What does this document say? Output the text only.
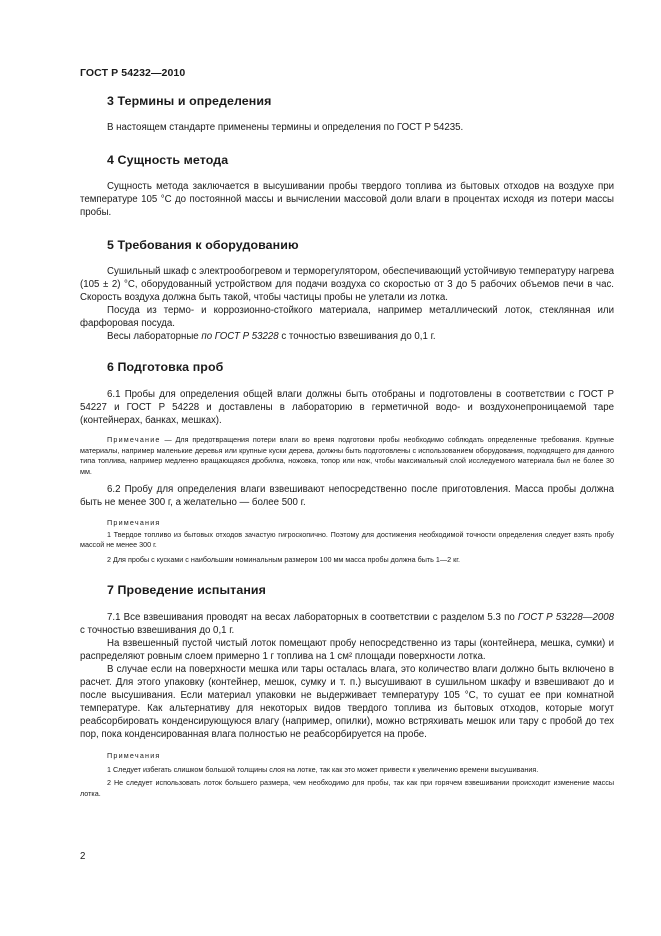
ГОСТ Р 54232—2010
3 Термины и определения

В настоящем стандарте применены термины и определения по ГОСТ Р 54235.

4 Сущность метода

Сущность метода заключается в высушивании пробы твердого топлива из бытовых отходов на воздухе при температуре 105 °С до постоянной массы и вычислении массовой доли влаги в процентах исходя из потери массы пробы.

5 Требования к оборудованию

Сушильный шкаф с электрообогревом и терморегулятором, обеспечивающий устойчивую температуру нагрева (105 ± 2) °С, оборудованный устройством для подачи воздуха со скоростью от 3 до 5 рабочих объемов печи в час. Скорость воздуха должна быть такой, чтобы частицы пробы не улетали из лотка.

Посуда из термо- и коррозионно-стойкого материала, например металлический лоток, стеклянная или фарфоровая посуда.

Весы лабораторные по ГОСТ Р 53228 с точностью взвешивания до 0,1 г.

6 Подготовка проб

6.1 Пробы для определения общей влаги должны быть отобраны и подготовлены в соответствии с ГОСТ Р 54227 и ГОСТ Р 54228 и доставлены в лабораторию в герметичной водо- и воздухонепроницаемой таре (контейнерах, банках, мешках).

Примечание — Для предотвращения потери влаги во время подготовки пробы необходимо соблюдать определенные требования. Крупные материалы, например маленькие деревья или крупные куски дерева, должны быть подготовлены с использованием оборудования, подходящего для данного типа топлива, например медленно вращающаяся дробилка, ножовка, топор или нож, чтобы максимальный слой исследуемого материала был не более 30 мм.

6.2 Пробу для определения влаги взвешивают непосредственно после приготовления. Масса пробы должна быть не менее 300 г, а желательно — более 500 г.

Примечания

1 Твердое топливо из бытовых отходов зачастую гигроскопично. Поэтому для достижения необходимой точности определения следует взять пробу массой не менее 300 г.

2 Для пробы с кусками с наибольшим номинальным размером 100 мм масса пробы должна быть 1—2 кг.

7 Проведение испытания

7.1 Все взвешивания проводят на весах лабораторных в соответствии с разделом 5.3 по ГОСТ Р 53228—2008 с точностью взвешивания до 0,1 г.

На взвешенный пустой чистый лоток помещают пробу непосредственно из тары (контейнера, мешка, сумки) и распределяют ровным слоем примерно 1 г топлива на 1 см² площади поверхности лотка.

В случае если на поверхности мешка или тары осталась влага, это количество влаги должно быть включено в расчет. Для этого упаковку (контейнер, мешок, сумку и т. п.) высушивают в сушильном шкафу и взвешивают до и после высушивания. Если материал упаковки не выдерживает температуру 105 °С, то сушат ее при комнатной температуре. Как альтернативу для некоторых видов твердого топлива из бытовых отходов, которые могут реабсорбировать конденсирующуюся влагу (например, опилки), можно встряхивать мешок или тару с пробой до тех пор, пока конденсированная влага полностью не реабсорбируется на пробе.

Примечания

1 Следует избегать слишком большой толщины слоя на лотке, так как это может привести к увеличению времени высушивания.

2 Не следует использовать лоток большего размера, чем необходимо для пробы, так как при горячем взвешивании происходит изменение массы лотка.

2
